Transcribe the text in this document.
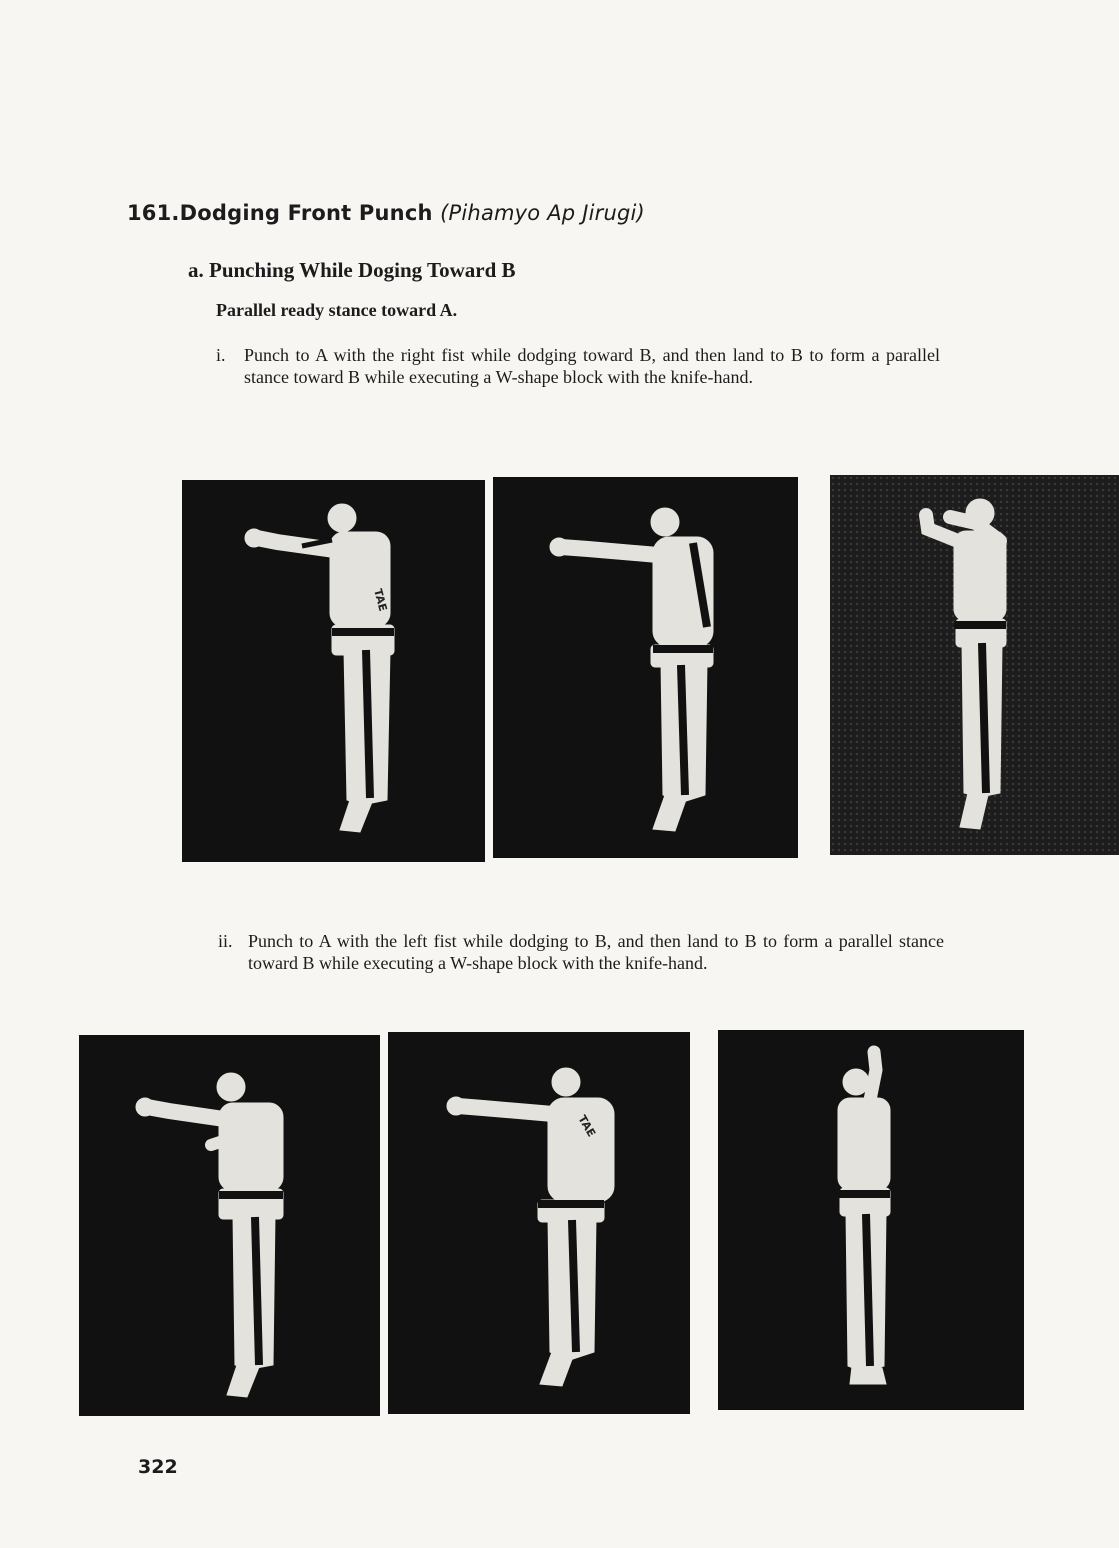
161.Dodging Front Punch (Pihamyo Ap Jirugi)
a. Punching While Doging Toward B
Parallel ready stance toward A.
i. Punch to A with the right fist while dodging toward B, and then land to B to form a parallel stance toward B while executing a W-shape block with the knife-hand.
TAE
ii. Punch to A with the left fist while dodging to B, and then land to B to form a parallel stance toward B while executing a W-shape block with the knife-hand.
TAE
322
